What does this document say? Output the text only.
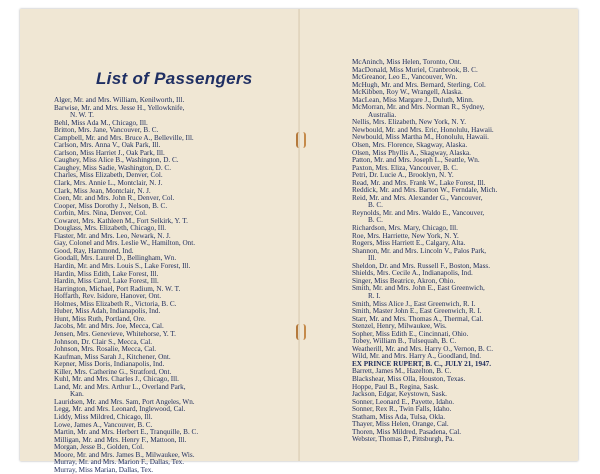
List of Passengers
Alger, Mr. and Mrs. William, Kenilworth, Ill.
Barwise, Mr. and Mrs. Jesse H., Yellowknife,
N. W. T.
Behl, Miss Ada M., Chicago, Ill.
Britton, Mrs. Jane, Vancouver, B. C.
Campbell, Mr. and Mrs. Bruce A., Belleville, Ill.
Carlson, Mrs. Anna V., Oak Park, Ill.
Carlson, Miss Harriet J., Oak Park, Ill.
Caughey, Miss Alice B., Washington, D. C.
Caughey, Miss Sadie, Washington, D. C.
Charles, Miss Elizabeth, Denver, Col.
Clark, Mrs. Annie L., Montclair, N. J.
Clark, Miss Jean, Montclair, N. J.
Coen, Mr. and Mrs. John R., Denver, Col.
Cooper, Miss Dorothy J., Nelson, B. C.
Corbin, Mrs. Nina, Denver, Col.
Cowaret, Mrs. Kathleen M., Fort Selkirk, Y. T.
Douglass, Mrs. Elizabeth, Chicago, Ill.
Flaster, Mr. and Mrs. Leo, Newark, N. J.
Gay, Colonel and Mrs. Leslie W., Hamilton, Ont.
Good, Ray, Hammond, Ind.
Goodall, Mrs. Laurel D., Bellingham, Wn.
Hardin, Mr. and Mrs. Louis S., Lake Forest, Ill.
Hardin, Miss Edith, Lake Forest, Ill.
Hardin, Miss Carol, Lake Forest, Ill.
Harrington, Michael, Port Radium, N. W. T.
Hoffarth, Rev. Isidore, Hanover, Ont.
Holmes, Miss Elizabeth R., Victoria, B. C.
Huber, Miss Adah, Indianapolis, Ind.
Hunt, Miss Ruth, Portland, Ore.
Jacobs, Mr. and Mrs. Joe, Mecca, Cal.
Jensen, Mrs. Genevieve, Whitehorse, Y. T.
Johnson, Dr. Clair S., Mecca, Cal.
Johnson, Mrs. Rosalie, Mecca, Cal.
Kaufman, Miss Sarah J., Kitchener, Ont.
Kepner, Miss Doris, Indianapolis, Ind.
Killer, Mrs. Catherine G., Stratford, Ont.
Kuhl, Mr. and Mrs. Charles J., Chicago, Ill.
Land, Mr. and Mrs. Arthur L., Overland Park,
Kan.
Lauridsen, Mr. and Mrs. Sam, Port Angeles, Wn.
Legg, Mr. and Mrs. Leonard, Inglewood, Cal.
Liddy, Miss Mildred, Chicago, Ill.
Lowe, James A., Vancouver, B. C.
Martin, Mr. and Mrs. Herbert E., Tranquille, B. C.
Milligan, Mr. and Mrs. Henry F., Mattoon, Ill.
Morgan, Jesse B., Golden, Col.
Moore, Mr. and Mrs. James B., Milwaukee, Wis.
Murray, Mr. and Mrs. Marion F., Dallas, Tex.
Murray, Miss Marian, Dallas, Tex.
McAninch, Miss Helen, Toronto, Ont.
MacDonald, Miss Muriel, Cranbrook, B. C.
McGreanor, Leo E., Vancouver, Wn.
McHugh, Mr. and Mrs. Bernard, Sterling, Col.
McKibben, Roy W., Wrangell, Alaska.
MacLean, Miss Margare J., Duluth, Minn.
McMorran, Mr. and Mrs. Norman R., Sydney,
Australia.
Nellis, Mrs. Elizabeth, New York, N. Y.
Newbould, Mr. and Mrs. Eric, Honolulu, Hawaii.
Newbould, Miss Martha M., Honolulu, Hawaii.
Olsen, Mrs. Florence, Skagway, Alaska.
Olsen, Miss Phyllis A., Skagway, Alaska.
Patton, Mr. and Mrs. Joseph L., Seattle, Wn.
Paxton, Mrs. Eliza, Vancouver, B. C.
Petri, Dr. Lucie A., Brooklyn, N. Y.
Read, Mr. and Mrs. Frank W., Lake Forest, Ill.
Reddick, Mr. and Mrs. Barton W., Ferndale, Mich.
Reid, Mr. and Mrs. Alexander G., Vancouver,
B. C.
Reynolds, Mr. and Mrs. Waldo E., Vancouver,
B. C.
Richardson, Mrs. Mary, Chicago, Ill.
Roe, Mrs. Harriette, New York, N. Y.
Rogers, Miss Harriett E., Calgary, Alta.
Shannon, Mr. and Mrs. Lincoln V., Palos Park,
Ill.
Sheldon, Dr. and Mrs. Russell F., Boston, Mass.
Shields, Mrs. Cecile A., Indianapolis, Ind.
Singer, Miss Beatrice, Akron, Ohio.
Smith, Mr. and Mrs. John E., East Greenwich,
R. I.
Smith, Miss Alice J., East Greenwich, R. I.
Smith, Master John E., East Greenwich, R. I.
Starr, Mr. and Mrs. Thomas A., Thermal, Cal.
Stenzel, Henry, Milwaukee, Wis.
Sopher, Miss Edith E., Cincinnati, Ohio.
Tobey, William B., Tulsequah, B. C.
Weatherill, Mr. and Mrs. Harry O., Vernon, B. C.
Wild, Mr. and Mrs. Harry A., Goodland, Ind.
EX PRINCE RUPERT, B. C., JULY 21, 1947.
Barrett, James M., Hazelton, B. C.
Blackshear, Miss Olla, Houston, Texas.
Hoppe, Paul B., Regina, Sask.
Jackson, Edgar, Keystown, Sask.
Sonner, Leonard E., Payette, Idaho.
Sonner, Rex R., Twin Falls, Idaho.
Statham, Miss Ada, Tulsa, Okla.
Thayer, Miss Helen, Orange, Cal.
Thoren, Miss Mildred, Pasadena, Cal.
Webster, Thomas P., Pittsburgh, Pa.
